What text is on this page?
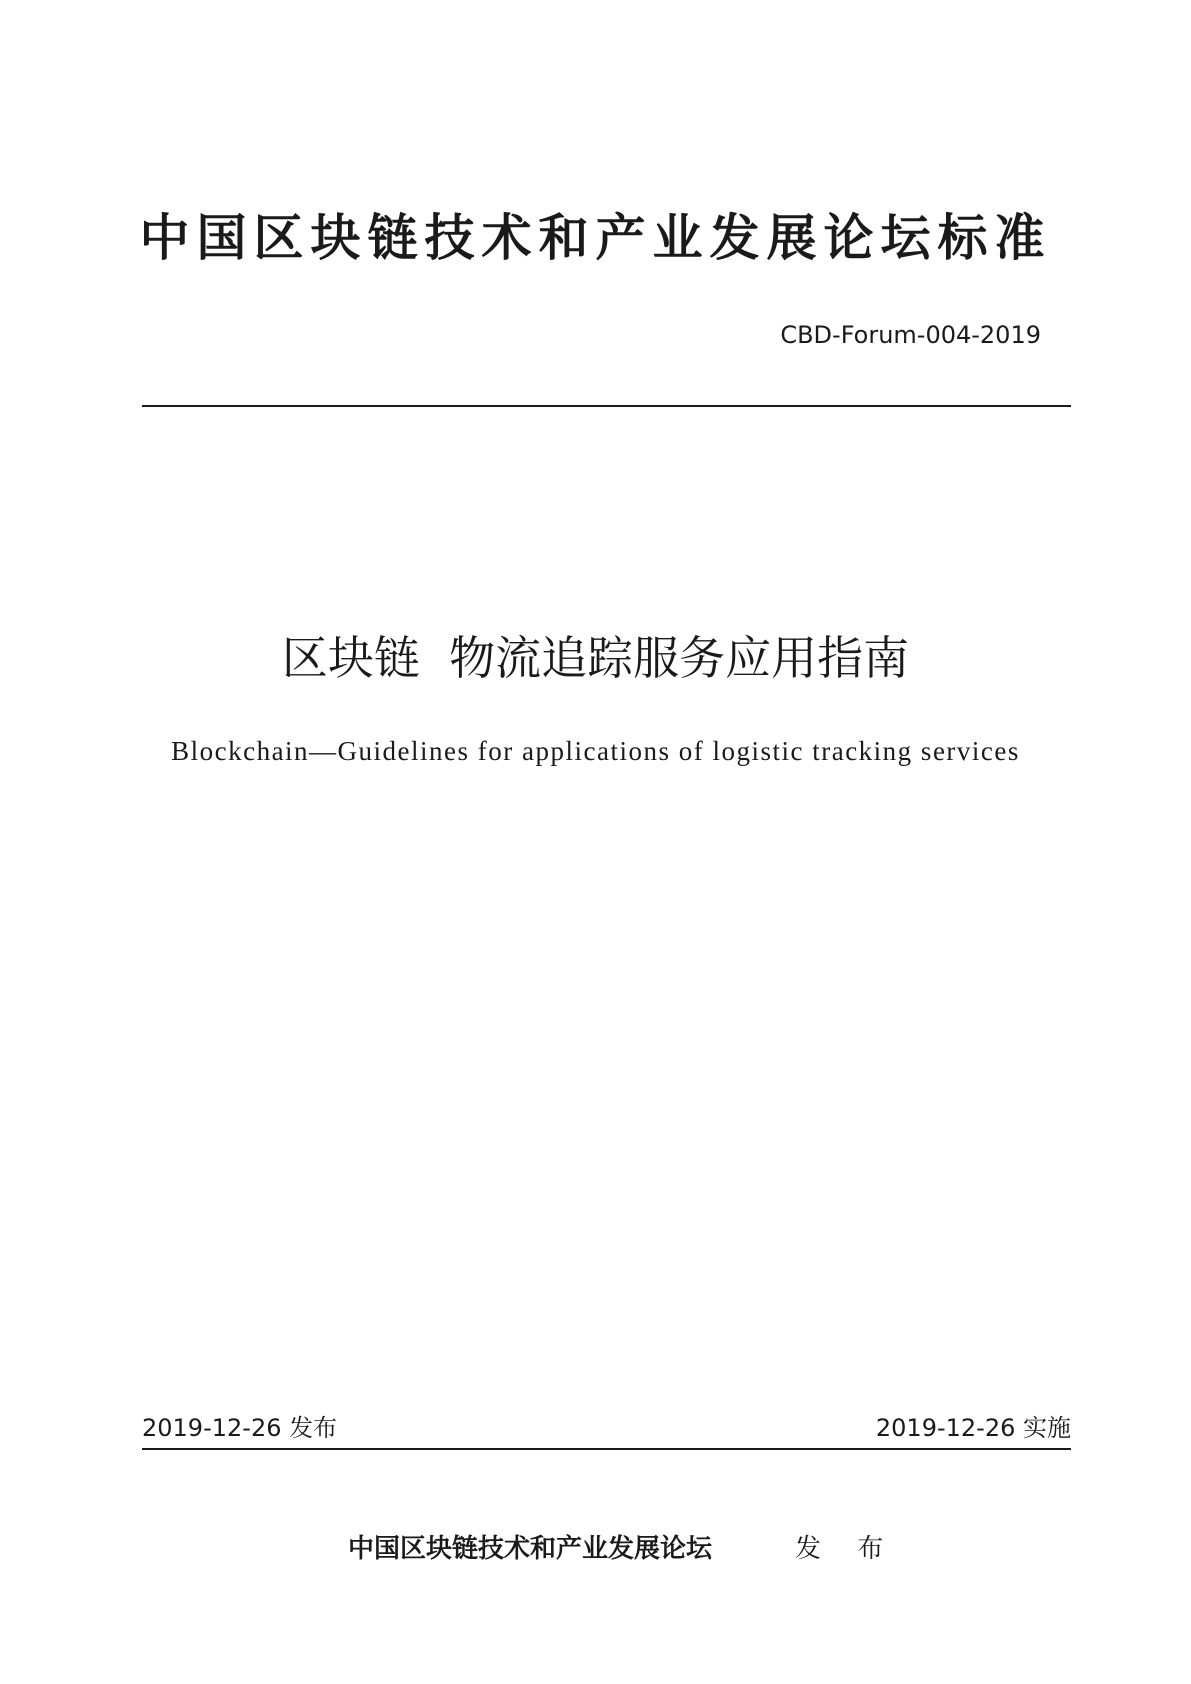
中国区块链技术和产业发展论坛标准
CBD-Forum-004-2019
区块链  物流追踪服务应用指南
Blockchain—Guidelines for applications of logistic tracking services
2019-12-26 发布	2019-12-26 实施
中国区块链技术和产业发展论坛	发 布
